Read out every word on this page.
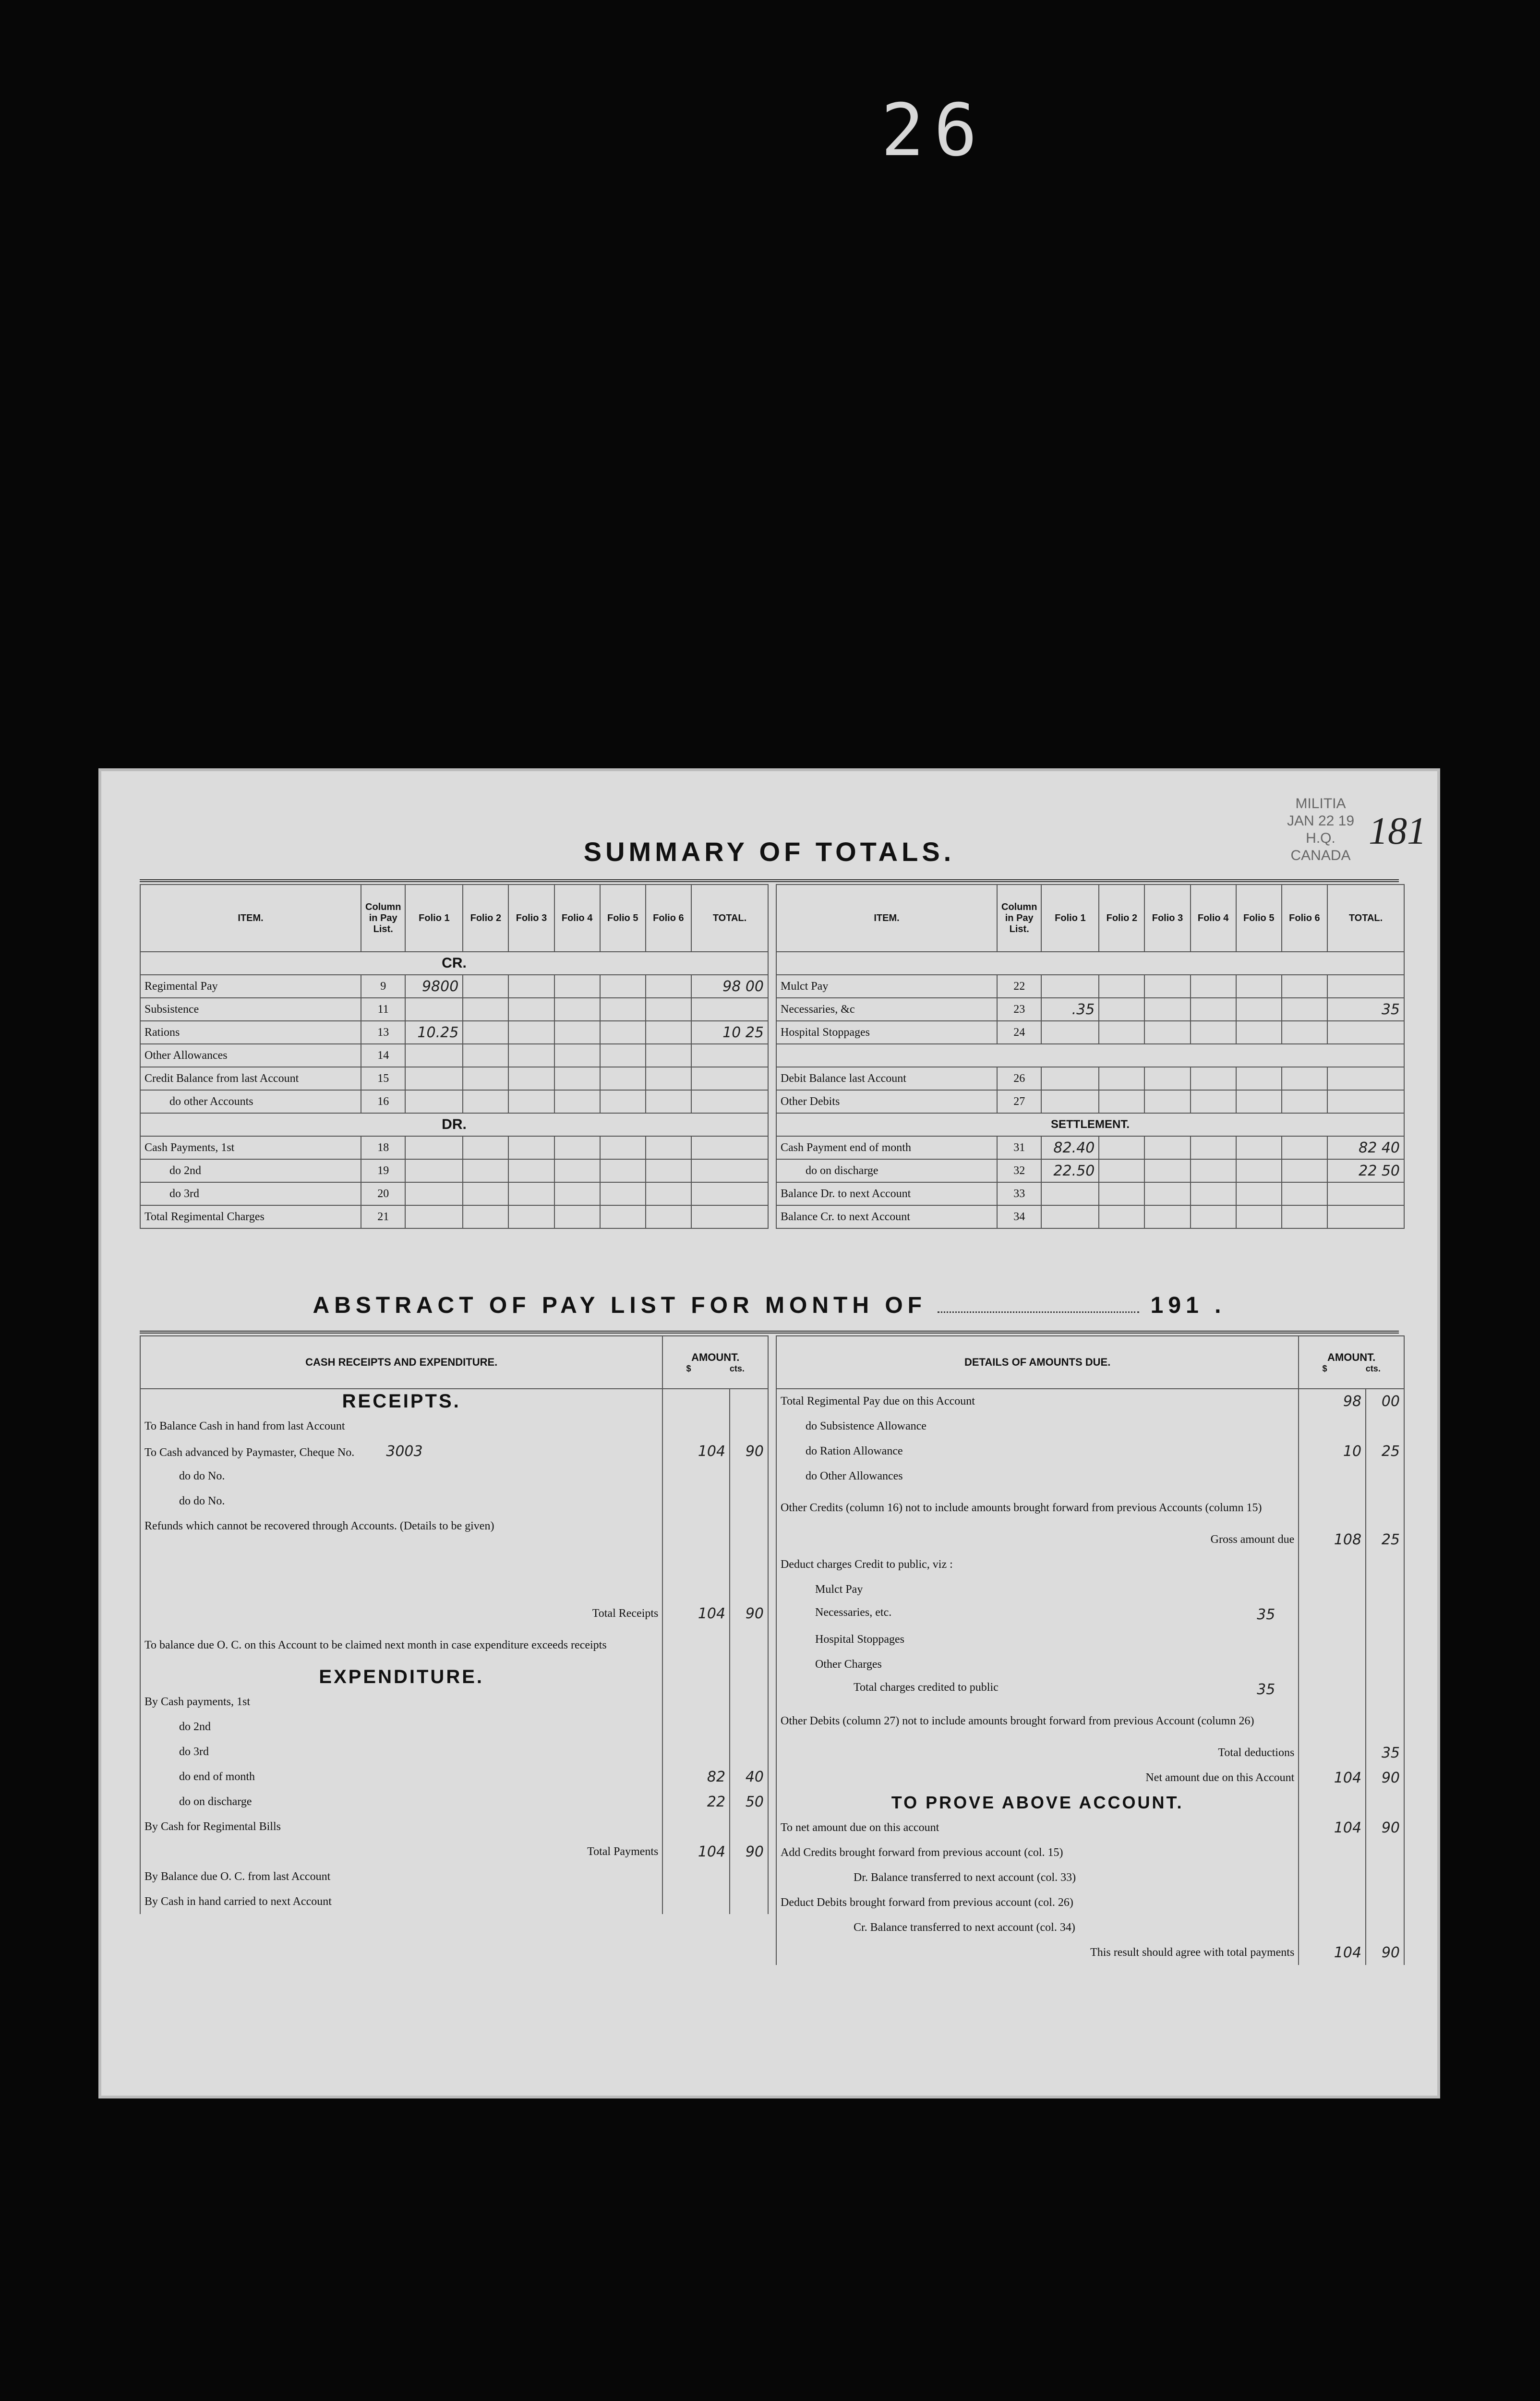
26
MILITIA
JAN 22 19
H.Q.
CANADA
181
SUMMARY OF TOTALS.
ITEM.	Column in Pay List.	Folio 1	Folio 2	Folio 3	Folio 4	Folio 5	Folio 6	TOTAL.
CR.								
Regimental Pay	9	9800						98 00
Subsistence	11							
Rations	13	10.25						10 25
Other Allowances	14							
Credit Balance from last Account	15							
do other Accounts	16							
DR.								
Cash Payments, 1st	18							
do 2nd	19							
do 3rd	20							
Total Regimental Charges	21							
ITEM.	Column in Pay List.	Folio 1	Folio 2	Folio 3	Folio 4	Folio 5	Folio 6	TOTAL.

Mulct Pay	22							
Necessaries, &c	23	.35						35
Hospital Stoppages	24							

Debit Balance last Account	26							
Other Debits	27							
SETTLEMENT.								
Cash Payment end of month	31	82.40						82 40
do on discharge	32	22.50						22 50
Balance Dr. to next Account	33							
Balance Cr. to next Account	34							
ABSTRACT OF PAY LIST FOR MONTH OF	191 .
CASH RECEIPTS AND EXPENDITURE.	AMOUNT.
$ cts.	

RECEIPTS.		
To Balance Cash in hand from last Account		
To Cash advanced by Paymaster, Cheque No. 3003	104	90
do do No.		
do do No.		
Refunds which cannot be recovered through Accounts. (Details to be given)		

Total Receipts	104	90
To balance due O. C. on this Account to be claimed next month in case expenditure exceeds receipts		
EXPENDITURE.		
By Cash payments, 1st		
do 2nd		
do 3rd		
do end of month	82	40
do on discharge	22	50
By Cash for Regimental Bills		
Total Payments	104	90
By Balance due O. C. from last Account		
By Cash in hand carried to next Account		
DETAILS OF AMOUNTS DUE.	AMOUNT.
$ cts.	

Total Regimental Pay due on this Account	98	00
do Subsistence Allowance		
do Ration Allowance	10	25
do Other Allowances		
Other Credits (column 16) not to include amounts brought forward from previous Accounts (column 15)		
Gross amount due	108	25
Deduct charges Credit to public, viz :		
Mulct Pay		
Necessaries, etc. 35		

Hospital Stoppages		
Other Charges		
Total charges credited to public 35		

Other Debits (column 27) not to include amounts brought forward from previous Account (column 26)		
Total deductions		35
Net amount due on this Account	104	90
TO PROVE ABOVE ACCOUNT.		
To net amount due on this account	104	90
Add Credits brought forward from previous account (col. 15)		
Dr. Balance transferred to next account (col. 33)		
Deduct Debits brought forward from previous account (col. 26)		
Cr. Balance transferred to next account (col. 34)		
This result should agree with total payments	104	90
